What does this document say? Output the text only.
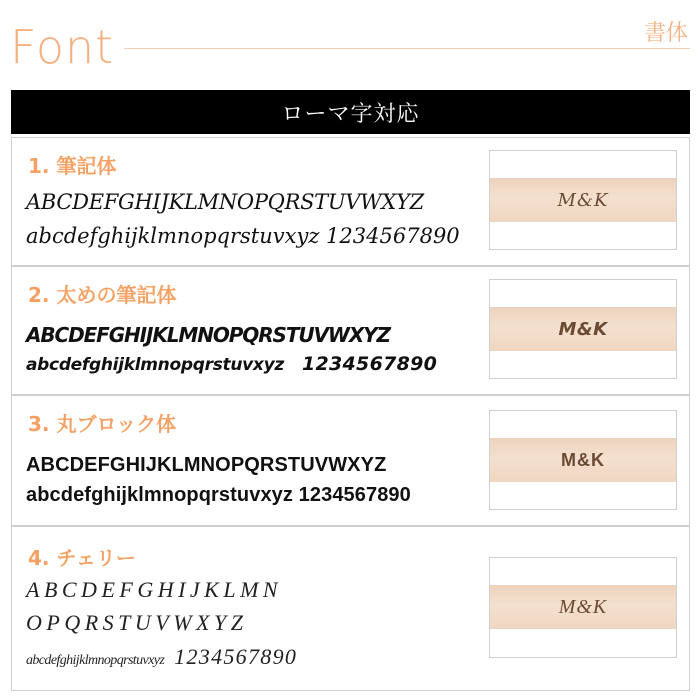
Font	書体
ローマ字対応
1. 筆記体
ABCDEFGHIJKLMNOPQRSTUVWXYZ
abcdefghijklmnopqrstuvxyz 1234567890
M&K
2. 太めの筆記体
ABCDEFGHIJKLMNOPQRSTUVWXYZ
abcdefghijklmnopqrstuvxyz 1234567890
M&K
3. 丸ブロック体
ABCDEFGHIJKLMNOPQRSTUVWXYZ
abcdefghijklmnopqrstuvxyz 1234567890
M&K
4. チェリー
ABCDEFGHIJKLMN
OPQRSTUVWXYZ
abcdefghijklmnopqrstuvxyz 1234567890
M&K
